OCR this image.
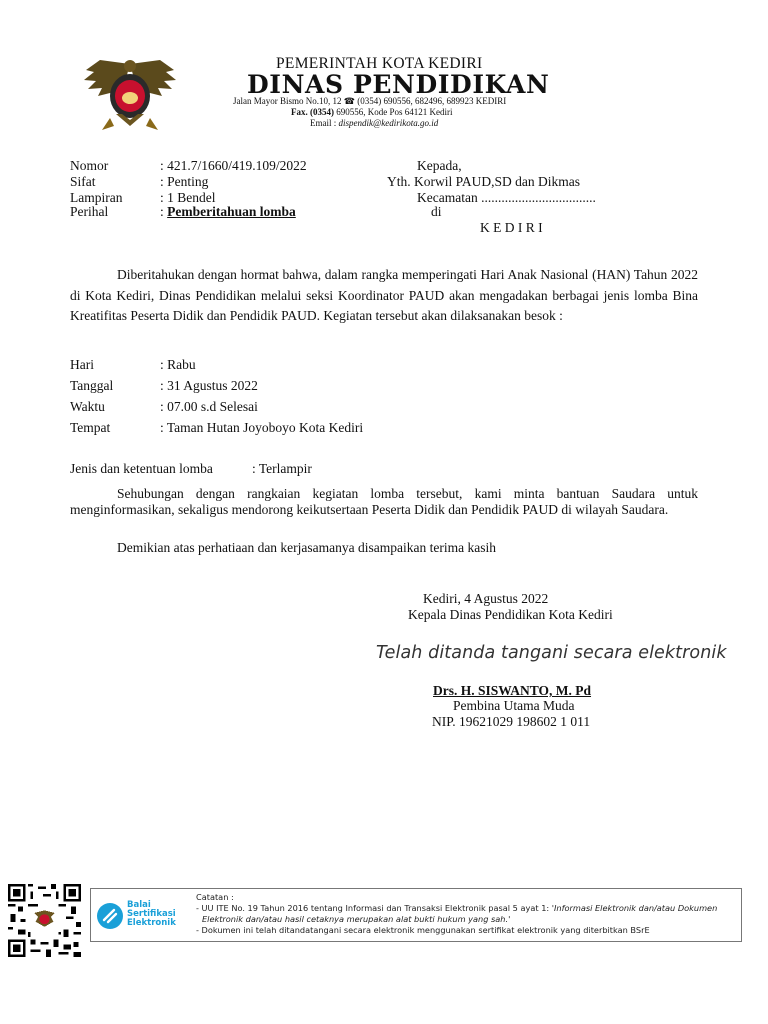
PEMERINTAH KOTA KEDIRI
DINAS PENDIDIKAN
Jalan Mayor Bismo No.10, 12 ☎ (0354) 690556, 682496, 689923 KEDIRI
Fax. (0354) 690556, Kode Pos 64121 Kediri
Email : dispendik@kedirikota.go.id
Nomor	: 421.7/1660/419.109/2022
Sifat	: Penting
Lampiran	: 1 Bendel
Perihal	: Pemberitahuan lomba
Kepada,
Yth. Korwil PAUD,SD dan Dikmas
Kecamatan ..................................
di
K E D I R I
Diberitahukan dengan hormat bahwa, dalam rangka memperingati Hari Anak Nasional (HAN) Tahun 2022 di Kota Kediri, Dinas Pendidikan melalui seksi Koordinator PAUD akan mengadakan berbagai jenis lomba Bina Kreatifitas Peserta Didik dan Pendidik PAUD. Kegiatan tersebut akan dilaksanakan besok :
Hari	: Rabu
Tanggal	: 31 Agustus 2022
Waktu	: 07.00 s.d Selesai
Tempat	: Taman Hutan Joyoboyo Kota Kediri
Jenis dan ketentuan lomba	: Terlampir
Sehubungan dengan rangkaian kegiatan lomba tersebut, kami minta bantuan Saudara untuk menginformasikan, sekaligus mendorong keikutsertaan Peserta Didik dan Pendidik PAUD di wilayah Saudara.
Demikian atas perhatiaan dan kerjasamanya disampaikan terima kasih
Kediri, 4 Agustus 2022
Kepala Dinas Pendidikan Kota Kediri
Telah ditanda tangani secara elektronik
Drs. H. SISWANTO, M. Pd
Pembina Utama Muda
NIP. 19621029 198602 1 011
Balai
Sertifikasi
Elektronik
Catatan :
- UU ITE No. 19 Tahun 2016 tentang Informasi dan Transaksi Elektronik pasal 5 ayat 1: 'Informasi Elektronik dan/atau Dokumen
Elektronik dan/atau hasil cetaknya merupakan alat bukti hukum yang sah.'
- Dokumen ini telah ditandatangani secara elektronik menggunakan sertifikat elektronik yang diterbitkan BSrE
